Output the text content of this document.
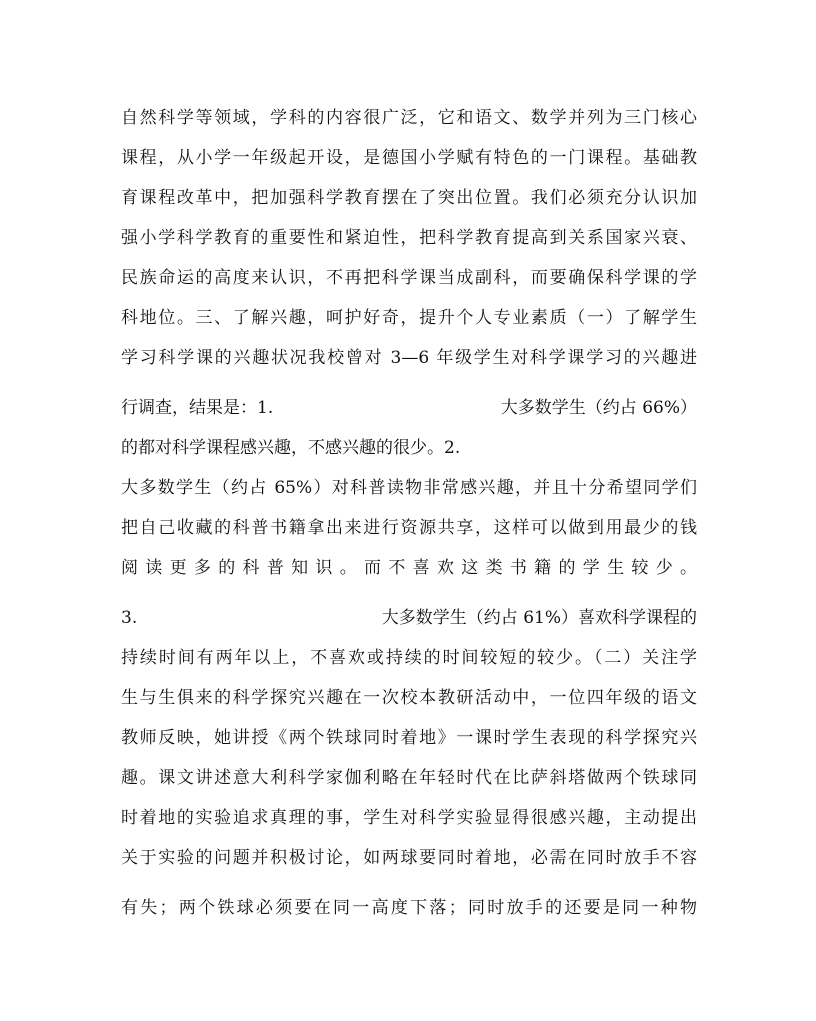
自然科学等领域，学科的内容很广泛，它和语文、数学并列为三门核心
课程，从小学一年级起开设，是德国小学赋有特色的一门课程。基础教
育课程改革中，把加强科学教育摆在了突出位置。我们必须充分认识加
强小学科学教育的重要性和紧迫性，把科学教育提高到关系国家兴衰、
民族命运的高度来认识，不再把科学课当成副科，而要确保科学课的学
科地位。三、了解兴趣，呵护好奇，提升个人专业素质（一）了解学生
学习科学课的兴趣状况我校曾对 3—6 年级学生对科学课学习的兴趣进
行调查，结果是：1.	大多数学生（约占 66%）
的都对科学课程感兴趣，不感兴趣的很少。2.
大多数学生（约占 65%）对科普读物非常感兴趣，并且十分希望同学们
把自己收藏的科普书籍拿出来进行资源共享，这样可以做到用最少的钱
阅读更多的科普知识。而不喜欢这类书籍的学生较少。
3.	大多数学生（约占 61%）喜欢科学课程的
持续时间有两年以上，不喜欢或持续的时间较短的较少。（二）关注学
生与生俱来的科学探究兴趣在一次校本教研活动中，一位四年级的语文
教师反映，她讲授《两个铁球同时着地》一课时学生表现的科学探究兴
趣。课文讲述意大利科学家伽利略在年轻时代在比萨斜塔做两个铁球同
时着地的实验追求真理的事，学生对科学实验显得很感兴趣，主动提出
关于实验的问题并积极讨论，如两球要同时着地，必需在同时放手不容
有失；两个铁球必须要在同一高度下落；同时放手的还要是同一种物
